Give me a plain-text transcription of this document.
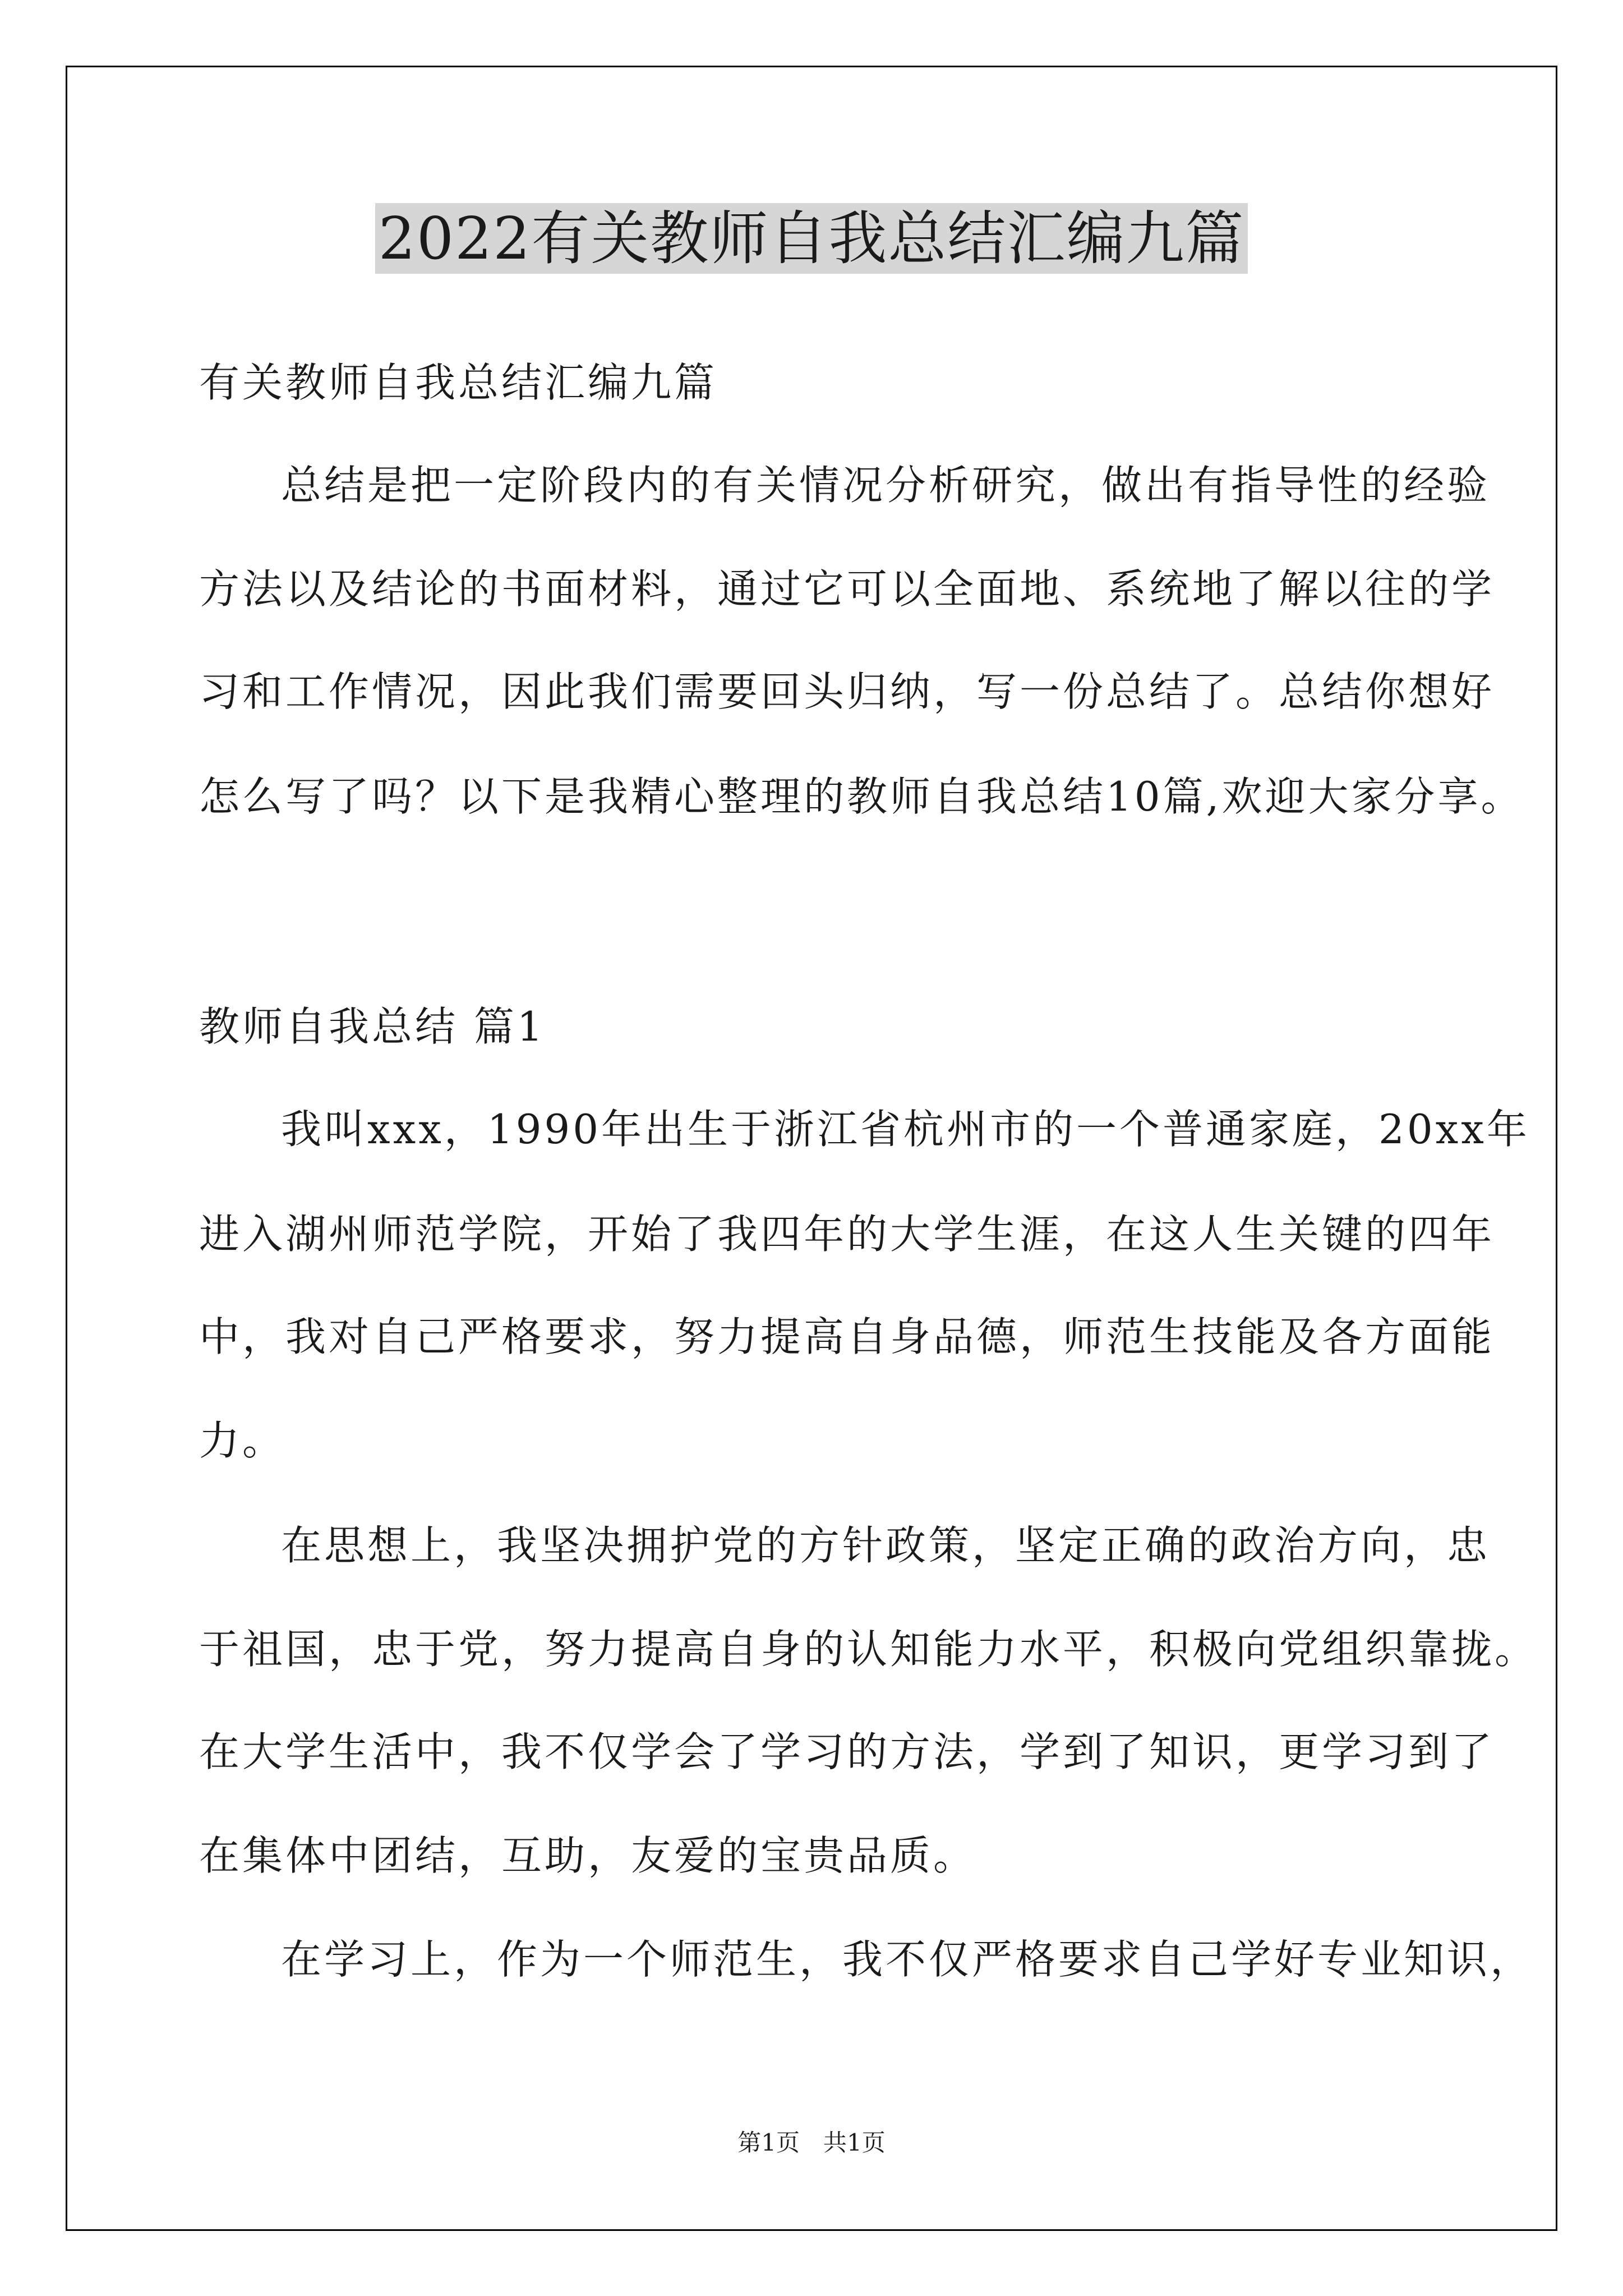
2022有关教师自我总结汇编九篇
有关教师自我总结汇编九篇
总结是把一定阶段内的有关情况分析研究，做出有指导性的经验
方法以及结论的书面材料，通过它可以全面地、系统地了解以往的学
习和工作情况，因此我们需要回头归纳，写一份总结了。总结你想好
怎么写了吗？以下是我精心整理的教师自我总结10篇,欢迎大家分享。
教师自我总结 篇1
我叫xxx，1990年出生于浙江省杭州市的一个普通家庭，20xx年
进入湖州师范学院，开始了我四年的大学生涯，在这人生关键的四年
中，我对自己严格要求，努力提高自身品德，师范生技能及各方面能
力。
在思想上，我坚决拥护党的方针政策，坚定正确的政治方向，忠
于祖国，忠于党，努力提高自身的认知能力水平，积极向党组织靠拢。
在大学生活中，我不仅学会了学习的方法，学到了知识，更学习到了
在集体中团结，互助，友爱的宝贵品质。
在学习上，作为一个师范生，我不仅严格要求自己学好专业知识，
第1页　共1页
